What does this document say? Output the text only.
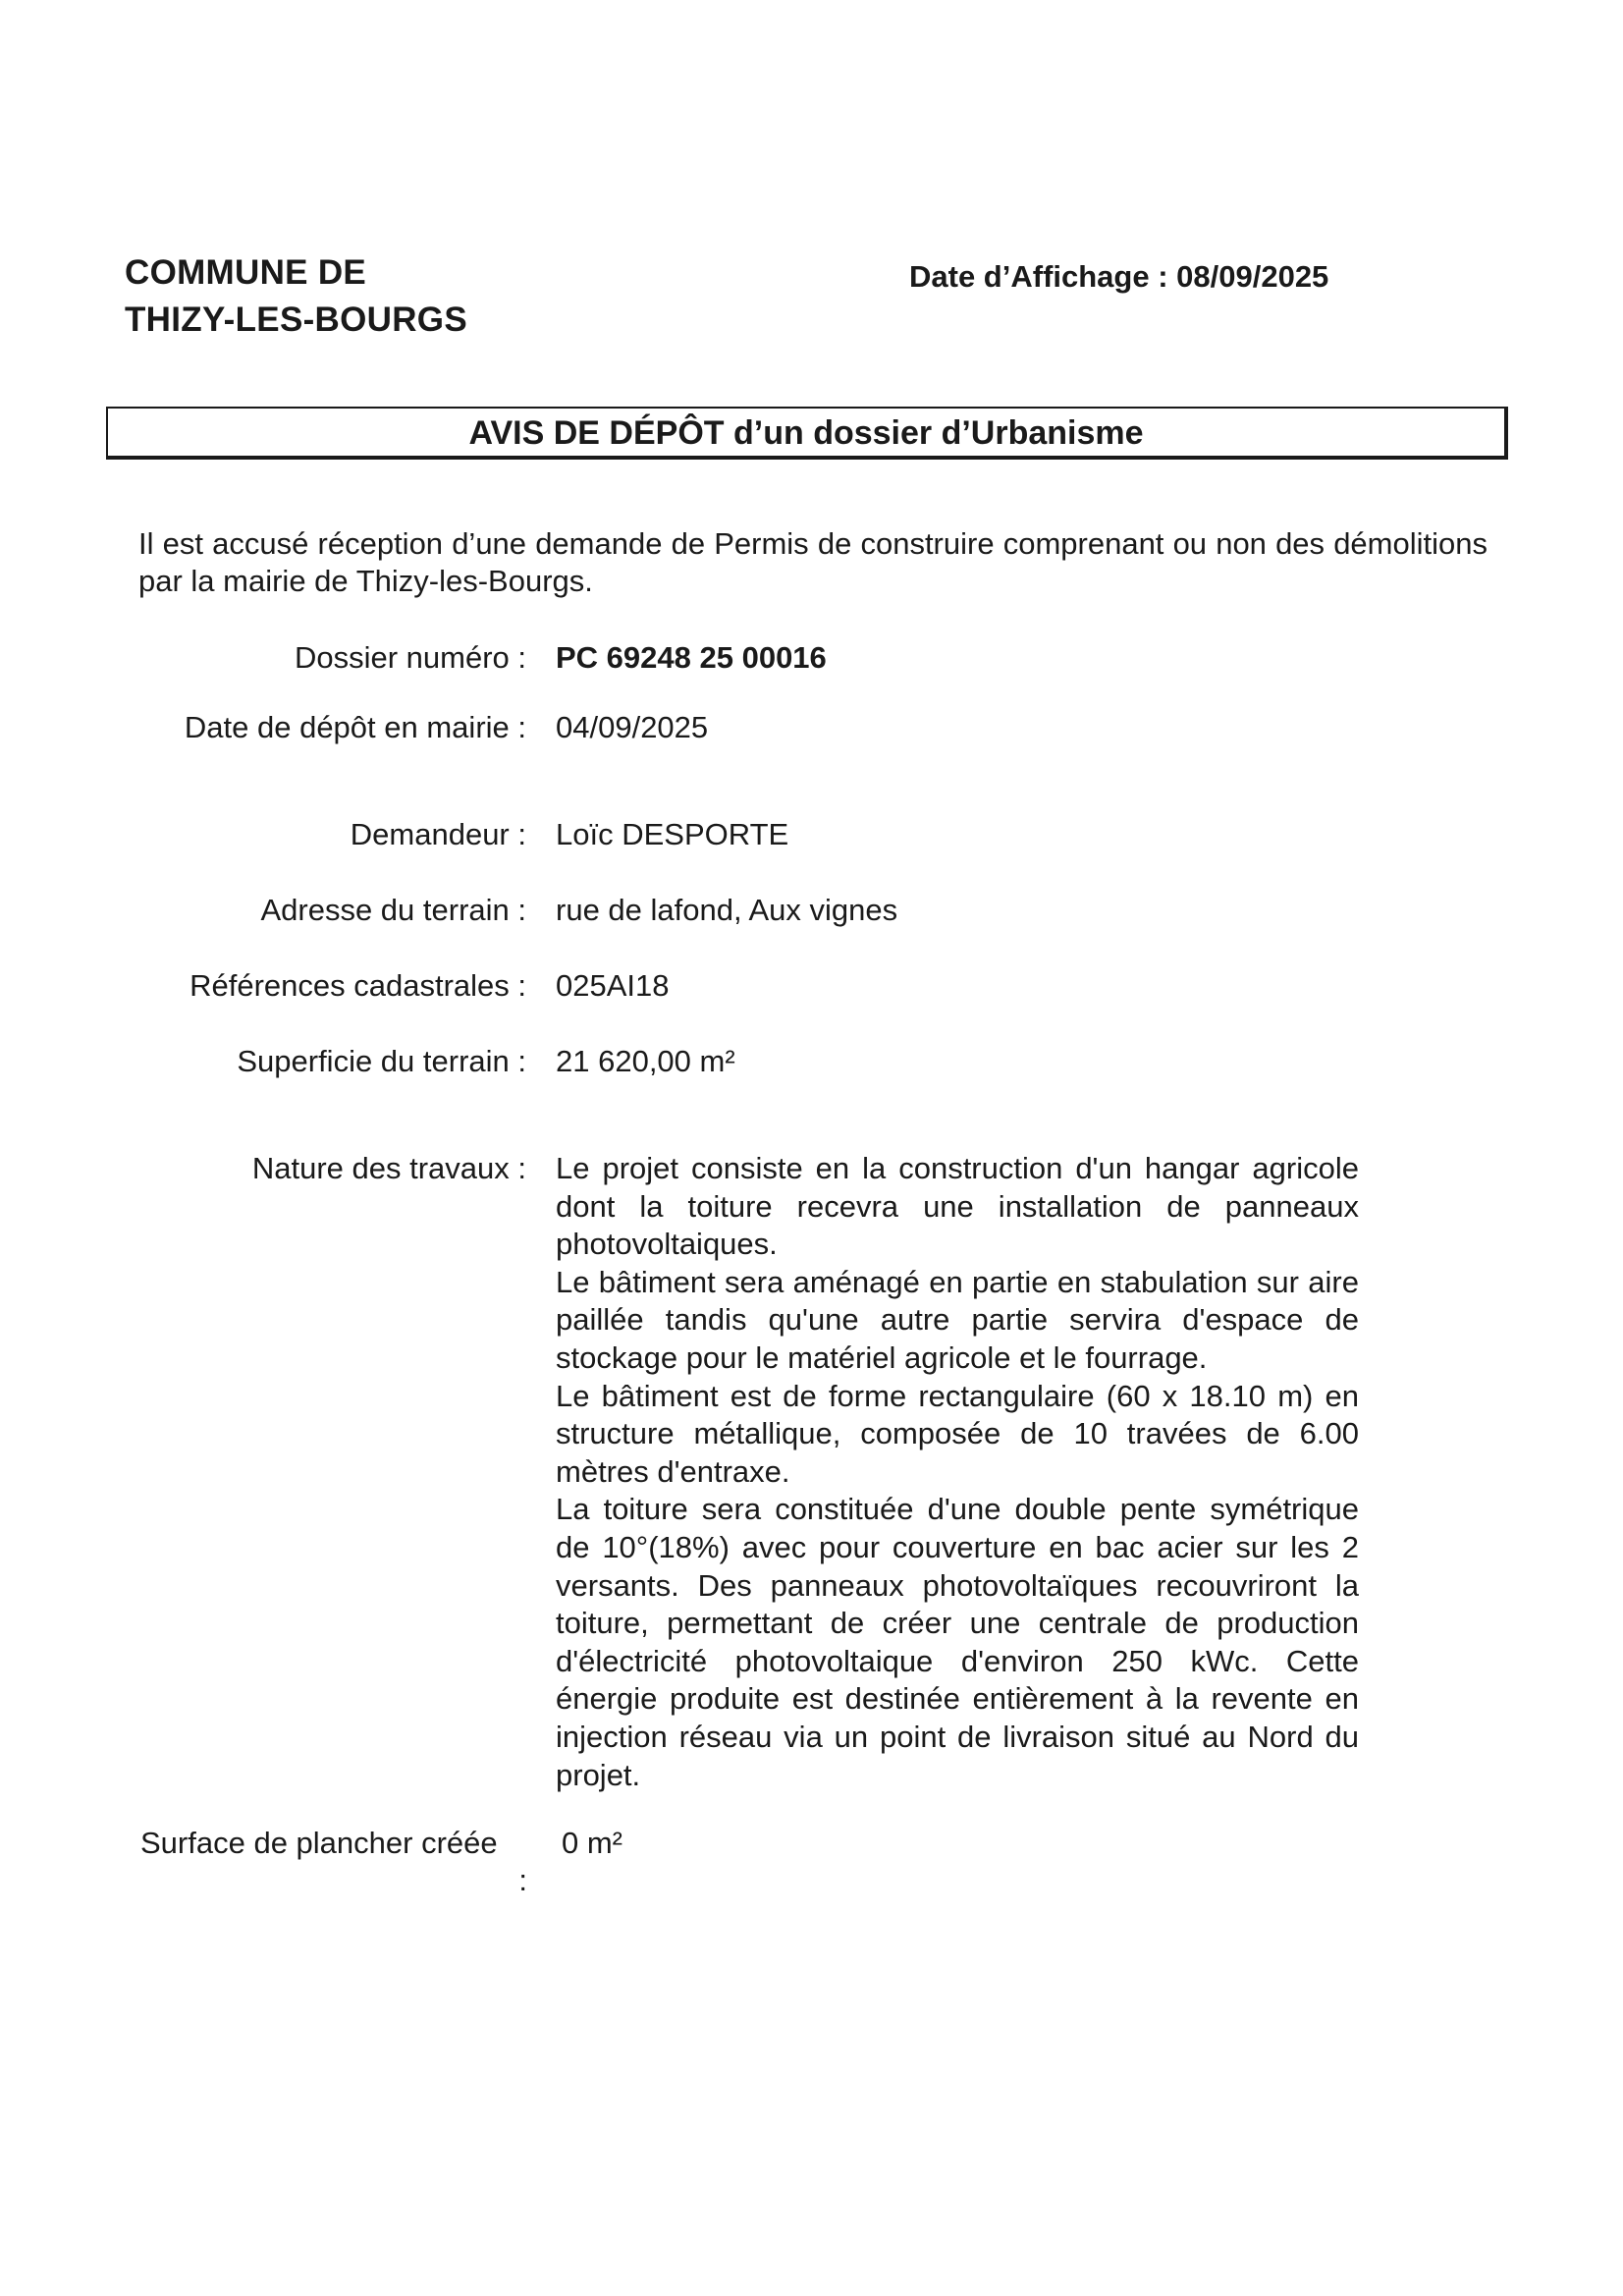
COMMUNE DE
THIZY-LES-BOURGS
Date d’Affichage : 08/09/2025
AVIS DE DÉPÔT d’un dossier d’Urbanisme
Il est accusé réception d’une demande de Permis de construire comprenant ou non des démolitions par la mairie de Thizy-les-Bourgs.
Dossier numéro : PC 69248 25 00016
Date de dépôt en mairie : 04/09/2025
Demandeur : Loïc DESPORTE
Adresse du terrain : rue de lafond, Aux vignes
Références cadastrales : 025AI18
Superficie du terrain : 21 620,00 m²
Nature des travaux : Le projet consiste en la construction d'un hangar agricole dont la toiture recevra une installation de panneaux photovoltaiques.

Le bâtiment sera aménagé en partie en stabulation sur aire paillée tandis qu'une autre partie servira d'espace de stockage pour le matériel agricole et le fourrage.

Le bâtiment est de forme rectangulaire (60 x 18.10 m) en structure métallique, composée de 10 travées de 6.00 mètres d'entraxe.

La toiture sera constituée d'une double pente symétrique de 10°(18%) avec pour couverture en bac acier sur les 2 versants. Des panneaux photovoltaïques recouvriront la toiture, permettant de créer une centrale de production d'électricité photovoltaique d'environ 250 kWc. Cette énergie produite est destinée entièrement à la revente en injection réseau via un point de livraison situé au Nord du projet.

Surface de plancher créée
:
0 m²
